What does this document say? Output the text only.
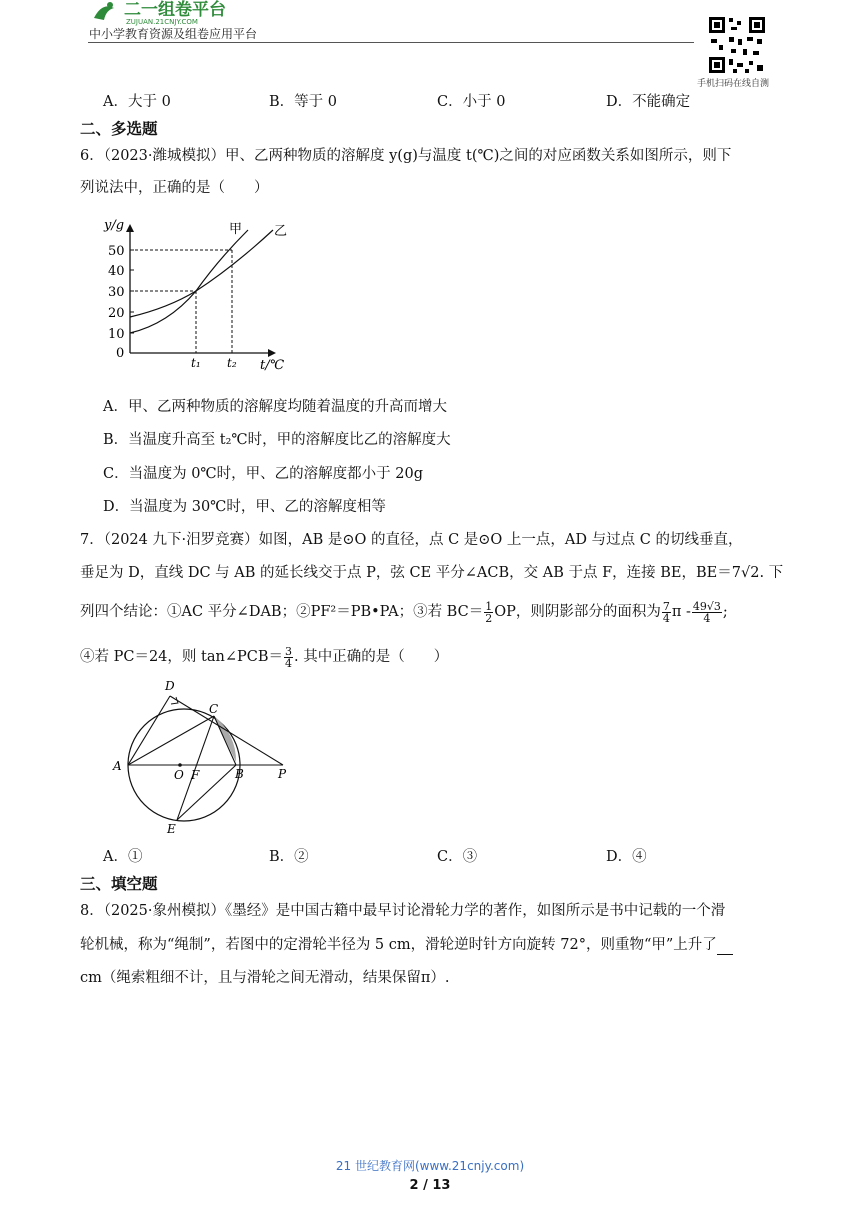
二一组卷平台
ZUJUAN.21CNJY.COM
中小学教育资源及组卷应用平台
手机扫码在线自测
A．大于 0	B．等于 0	C．小于 0	D．不能确定
二、多选题
6．（2023·潍城模拟）甲、乙两种物质的溶解度 y(g)与温度 t(℃)之间的对应函数关系如图所示，则下
列说法中，正确的是（　　）
y/g
t/℃
50
40
30
20
10
0
t₁ t₂
甲 乙
A．甲、乙两种物质的溶解度均随着温度的升高而增大
B．当温度升高至 t₂℃时，甲的溶解度比乙的溶解度大
C．当温度为 0℃时，甲、乙的溶解度都小于 20g
D．当温度为 30℃时，甲、乙的溶解度相等
7．（2024 九下·汨罗竞赛）如图，AB 是⊙O 的直径，点 C 是⊙O 上一点，AD 与过点 C 的切线垂直，
垂足为 D，直线 DC 与 AB 的延长线交于点 P，弦 CE 平分∠ACB，交 AB 于点 F，连接 BE，BE＝7√2. 下
列四个结论：①AC 平分∠DAB；②PF²＝PB•PA；③若 $BC= \frac{1}{2}$ OP，则阴影部分的面积为 $\frac{7}{4}$ π - $\frac{49√3}{4}$ ;
④若 PC＝24，则 tan∠PCB＝ $\frac{3}{4}$ . 其中正确的是（　　）
D
C
A
O F	B	P
E
A．①	B．②	C．③	D．④
三、填空题
8．（2025·象州模拟）《墨经》是中国古籍中最早讨论滑轮力学的著作，如图所示是书中记载的一个滑
轮机械，称为“绳制”，若图中的定滑轮半径为 5 cm，滑轮逆时针方向旋转 72°，则重物“甲”上升了
cm（绳索粗细不计，且与滑轮之间无滑动，结果保留π）.
21 世纪教育网(www.21cnjy.com)
2 / 13
